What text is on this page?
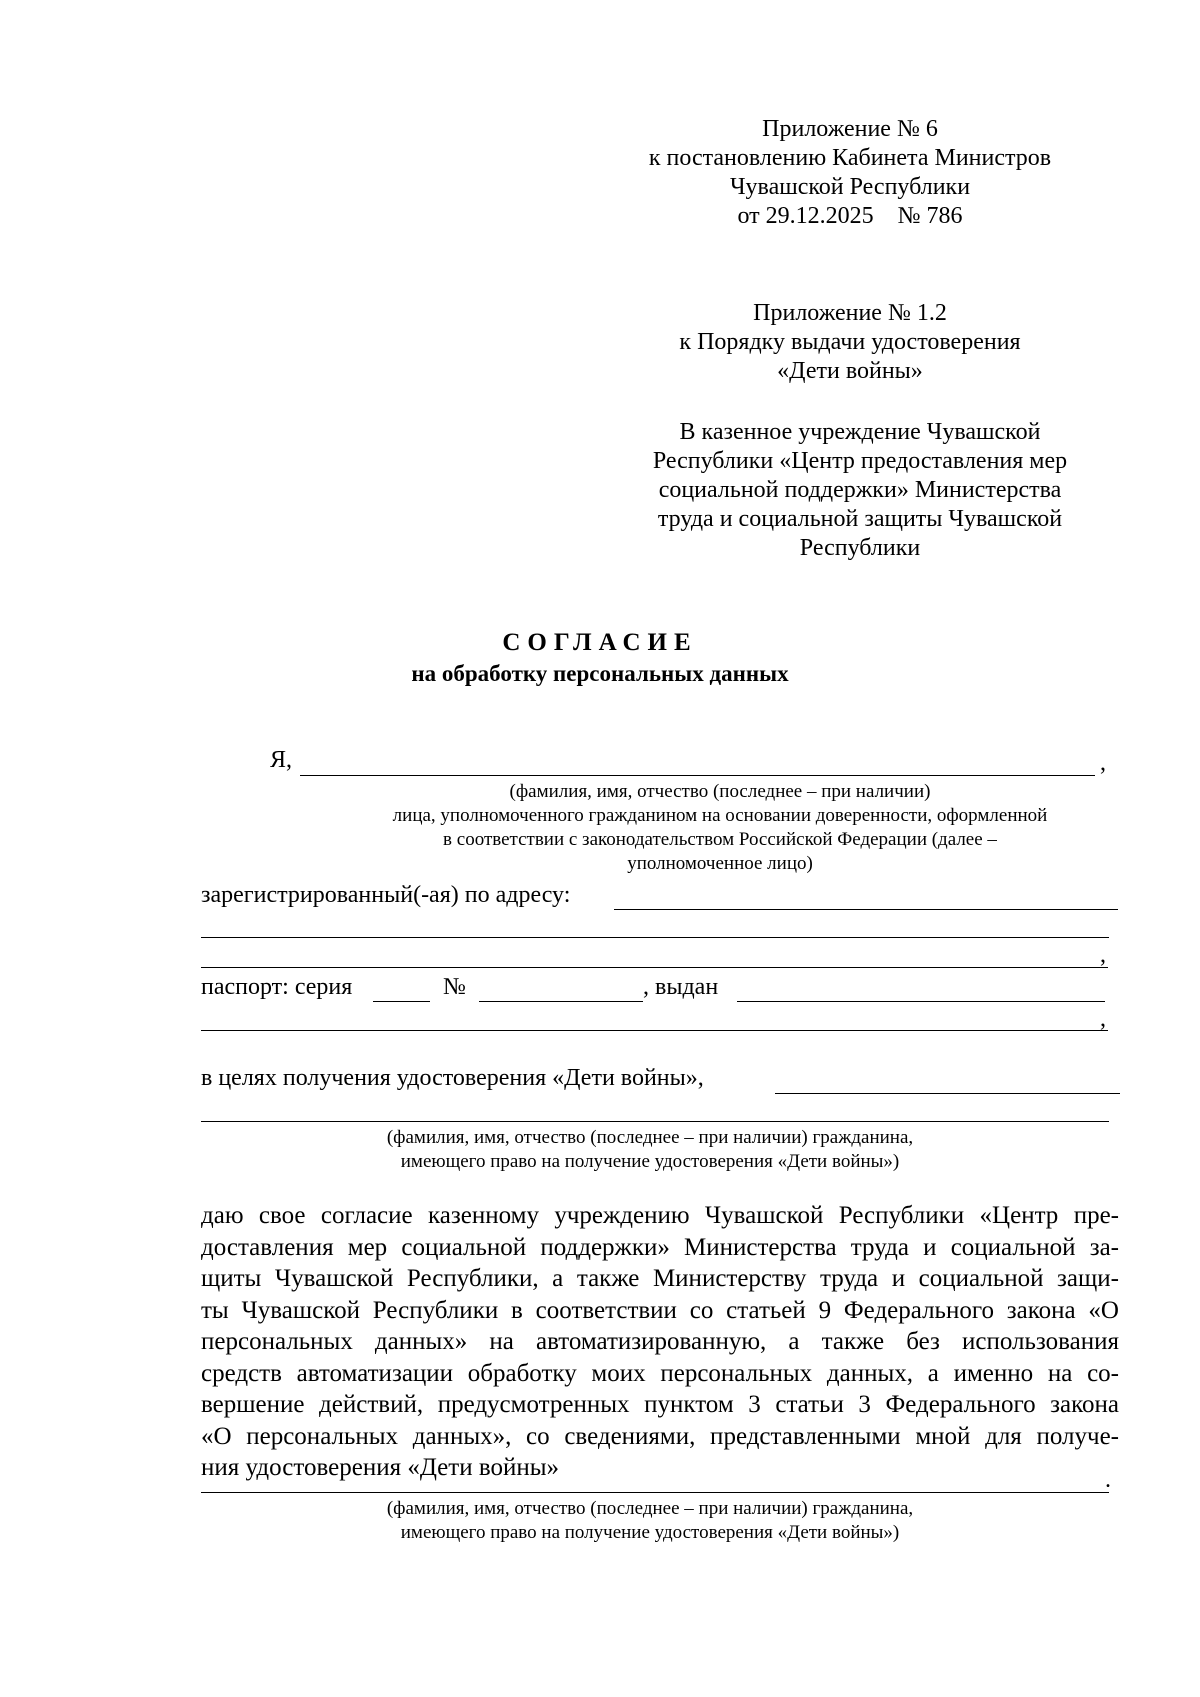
Приложение № 6
к постановлению Кабинета Министров
Чувашской Республики
от 29.12.2025    № 786
Приложение № 1.2
к Порядку выдачи удостоверения
«Дети войны»
В казенное учреждение Чувашской
Республики «Центр предоставления мер
социальной поддержки» Министерства
труда и социальной защиты Чувашской
Республики
СОГЛАСИЕ
на обработку персональных данных
Я,	,
(фамилия, имя, отчество (последнее – при наличии)
лица, уполномоченного гражданином на основании доверенности, оформленной
в соответствии с законодательством Российской Федерации (далее –
уполномоченное лицо)
зарегистрированный(-ая) по адресу:
,
паспорт: серия	№	, выдан
,
в целях получения удостоверения «Дети войны»,
(фамилия, имя, отчество (последнее – при наличии) гражданина,
имеющего право на получение удостоверения «Дети войны»)
даю свое согласие казенному учреждению Чувашской Республики «Центр пре-
доставления мер социальной поддержки» Министерства труда и социальной за-
щиты Чувашской Республики, а также Министерству труда и социальной защи-
ты Чувашской Республики в соответствии со статьей 9 Федерального закона «О
персональных данных» на автоматизированную, а также без использования
средств автоматизации обработку моих персональных данных, а именно на со-
вершение действий, предусмотренных пунктом 3 статьи 3 Федерального закона
«О персональных данных», со сведениями, представленными мной для получе-
ния удостоверения «Дети войны»	.
(фамилия, имя, отчество (последнее – при наличии) гражданина,
имеющего право на получение удостоверения «Дети войны»)
